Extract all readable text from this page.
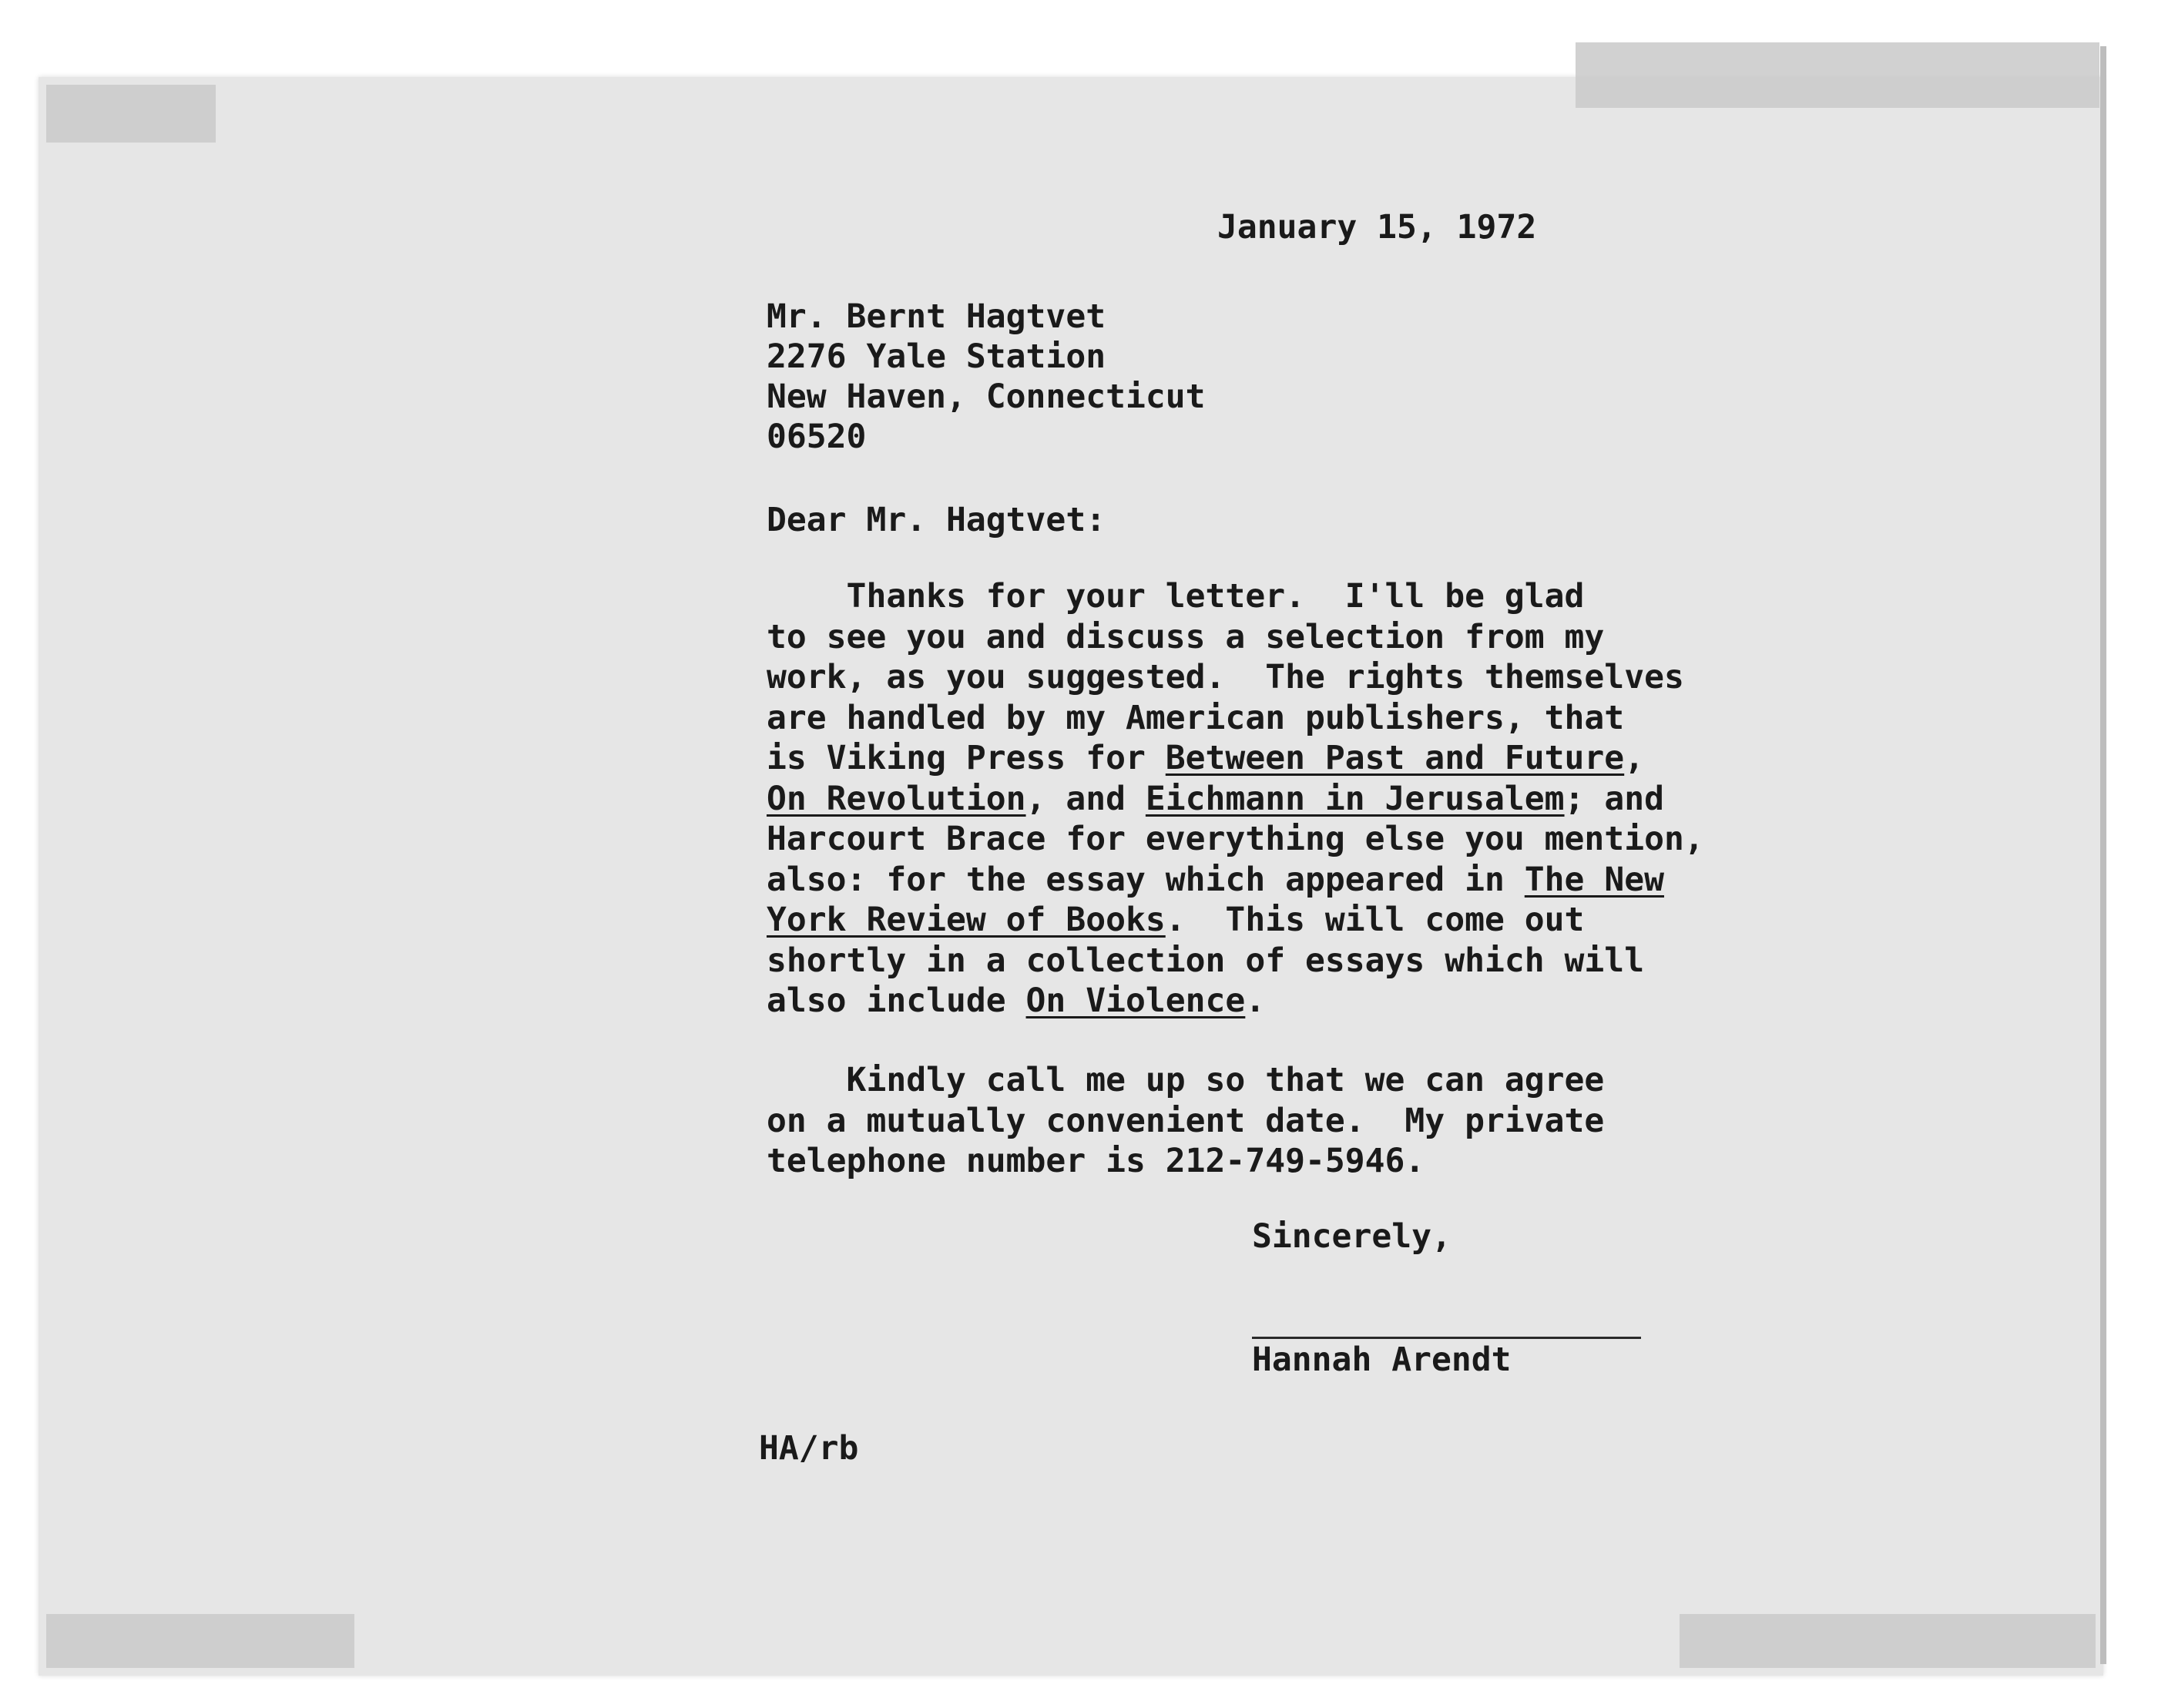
January 15, 1972
Mr. Bernt Hagtvet
2276 Yale Station
New Haven, Connecticut
06520
Dear Mr. Hagtvet:
Thanks for your letter.  I'll be glad
to see you and discuss a selection from my
work, as you suggested.  The rights themselves
are handled by my American publishers, that
is Viking Press for Between Past and Future,
On Revolution, and Eichmann in Jerusalem; and
Harcourt Brace for everything else you mention,
also: for the essay which appeared in The New
York Review of Books.  This will come out
shortly in a collection of essays which will
also include On Violence.
Kindly call me up so that we can agree
on a mutually convenient date.  My private
telephone number is 212-749-5946.
Sincerely,
Hannah Arendt
HA/rb
